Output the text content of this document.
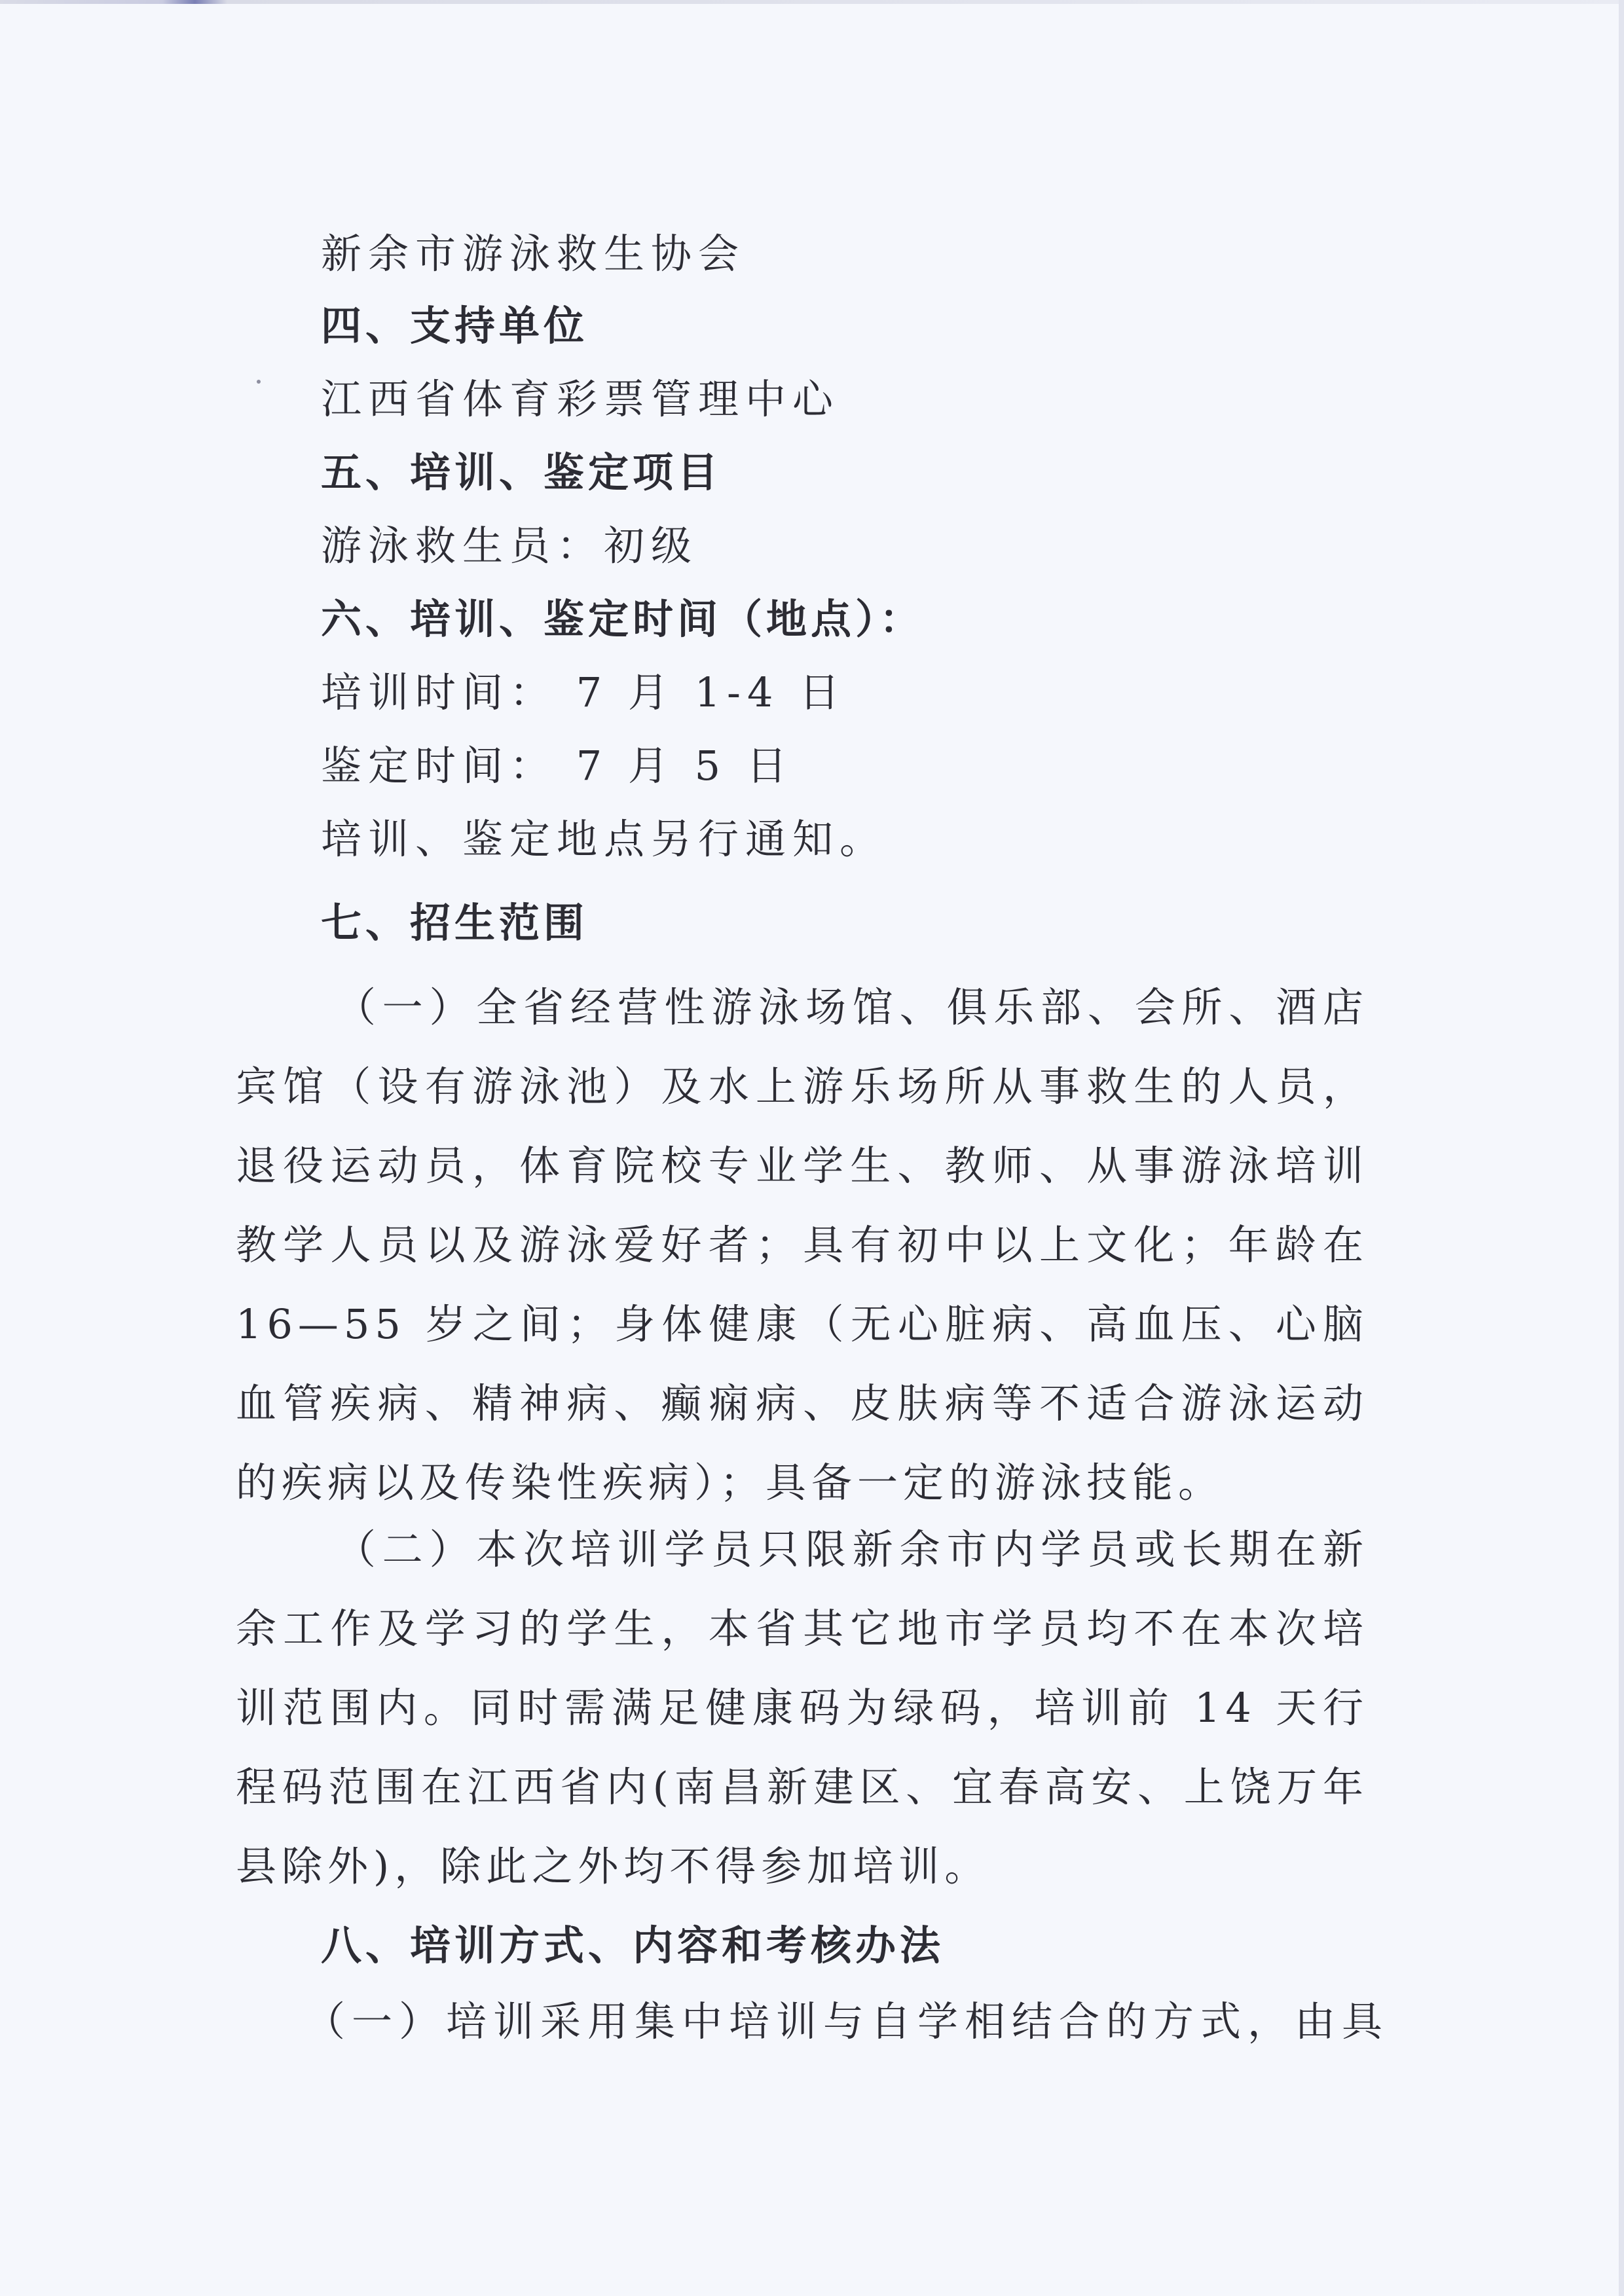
新余市游泳救生协会
四、支持单位
江西省体育彩票管理中心
五、培训、鉴定项目
游泳救生员：初级
六、培训、鉴定时间（地点）：
培训时间： 7 月 1-4 日
鉴定时间： 7 月 5 日
培训、鉴定地点另行通知。
七、招生范围
（一）全省经营性游泳场馆、俱乐部、会所、酒店宾馆（设有游泳池）及水上游乐场所从事救生的人员，退役运动员，体育院校专业学生、教师、从事游泳培训教学人员以及游泳爱好者；具有初中以上文化；年龄在 16—55 岁之间；身体健康（无心脏病、高血压、心脑血管疾病、精神病、癫痫病、皮肤病等不适合游泳运动的疾病以及传染性疾病）；具备一定的游泳技能。
（二）本次培训学员只限新余市内学员或长期在新余工作及学习的学生，本省其它地市学员均不在本次培训范围内。同时需满足健康码为绿码，培训前 14 天行程码范围在江西省内(南昌新建区、宜春高安、上饶万年县除外)，除此之外均不得参加培训。
八、培训方式、内容和考核办法
（一）培训采用集中培训与自学相结合的方式，由具
